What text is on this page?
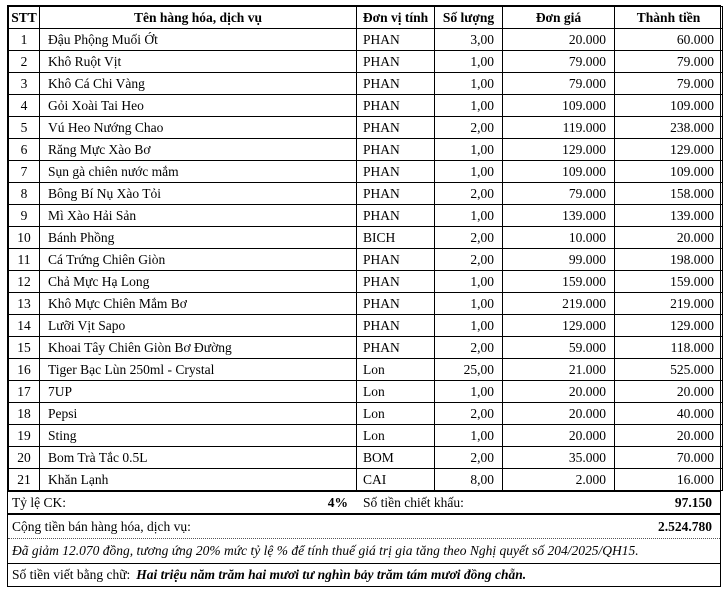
STT	Tên hàng hóa, dịch vụ	Đơn vị tính	Số lượng	Đơn giá	Thành tiền
1	Đậu Phộng Muối Ớt	PHAN	3,00	20.000	60.000
2	Khô Ruột Vịt	PHAN	1,00	79.000	79.000
3	Khô Cá Chi Vàng	PHAN	1,00	79.000	79.000
4	Gỏi Xoài Tai Heo	PHAN	1,00	109.000	109.000
5	Vú Heo Nướng Chao	PHAN	2,00	119.000	238.000
6	Răng Mực Xào Bơ	PHAN	1,00	129.000	129.000
7	Sụn gà chiên nước mắm	PHAN	1,00	109.000	109.000
8	Bông Bí Nụ Xào Tỏi	PHAN	2,00	79.000	158.000
9	Mì Xào Hải Sản	PHAN	1,00	139.000	139.000
10	Bánh Phồng	BICH	2,00	10.000	20.000
11	Cá Trứng Chiên Giòn	PHAN	2,00	99.000	198.000
12	Chả Mực Hạ Long	PHAN	1,00	159.000	159.000
13	Khô Mực Chiên Mắm Bơ	PHAN	1,00	219.000	219.000
14	Lưỡi Vịt Sapo	PHAN	1,00	129.000	129.000
15	Khoai Tây Chiên Giòn Bơ Đường	PHAN	2,00	59.000	118.000
16	Tiger Bạc Lùn 250ml - Crystal	Lon	25,00	21.000	525.000
17	7UP	Lon	1,00	20.000	20.000
18	Pepsi	Lon	2,00	20.000	40.000
19	Sting	Lon	1,00	20.000	20.000
20	Bom Trà Tắc 0.5L	BOM	2,00	35.000	70.000
21	Khăn Lạnh	CAI	8,00	2.000	16.000
Tỷ lệ CK:	4% Số tiền chiết khấu:	97.150
Cộng tiền bán hàng hóa, dịch vụ:	2.524.780
Đã giảm 12.070 đồng, tương ứng 20% mức tỷ lệ % để tính thuế giá trị gia tăng theo Nghị quyết số 204/2025/QH15.
Số tiền viết bằng chữ: Hai triệu năm trăm hai mươi tư nghìn bảy trăm tám mươi đồng chẵn.
